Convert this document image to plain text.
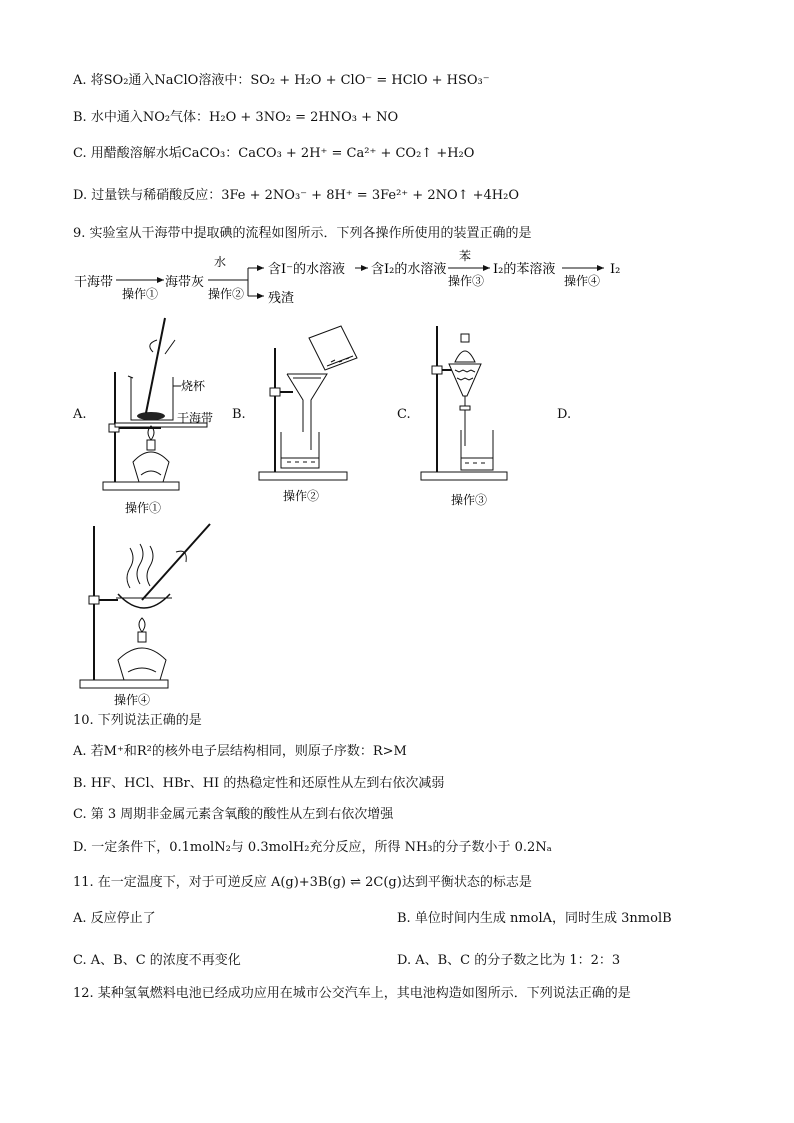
A. 将SO₂通入NaClO溶液中：SO₂ + H₂O + ClO⁻ = HClO + HSO₃⁻
B. 水中通入NO₂气体：H₂O + 3NO₂ = 2HNO₃ + NO
C. 用醋酸溶解水垢CaCO₃：CaCO₃ + 2H⁺ = Ca²⁺ + CO₂↑ +H₂O
D. 过量铁与稀硝酸反应：3Fe + 2NO₃⁻ + 8H⁺ = 3Fe²⁺ + 2NO↑ +4H₂O
9. 实验室从干海带中提取碘的流程如图所示．下列各操作所使用的装置正确的是
干海带
操作①
海带灰
水
操作②
含I⁻的水溶液
残渣
含I₂的水溶液
苯
操作③
I₂的苯溶液
操作④
I₂
A.	B.	C.	D.
烧杯
干海带
操作①
操作②	操作③
操作④
10. 下列说法正确的是
A. 若M⁺和R²的核外电子层结构相同，则原子序数：R>M
B. HF、HCl、HBr、HI 的热稳定性和还原性从左到右依次减弱
C. 第 3 周期非金属元素含氧酸的酸性从左到右依次增强
D. 一定条件下，0.1molN₂与 0.3molH₂充分反应，所得 NH₃的分子数小于 0.2Nₐ
11. 在一定温度下，对于可逆反应 A(g)+3B(g) ⇌ 2C(g)达到平衡状态的标志是
A. 反应停止了	B. 单位时间内生成 nmolA，同时生成 3nmolB
C. A、B、C 的浓度不再变化	D. A、B、C 的分子数之比为 1：2：3
12. 某种氢氧燃料电池已经成功应用在城市公交汽车上，其电池构造如图所示．下列说法正确的是
